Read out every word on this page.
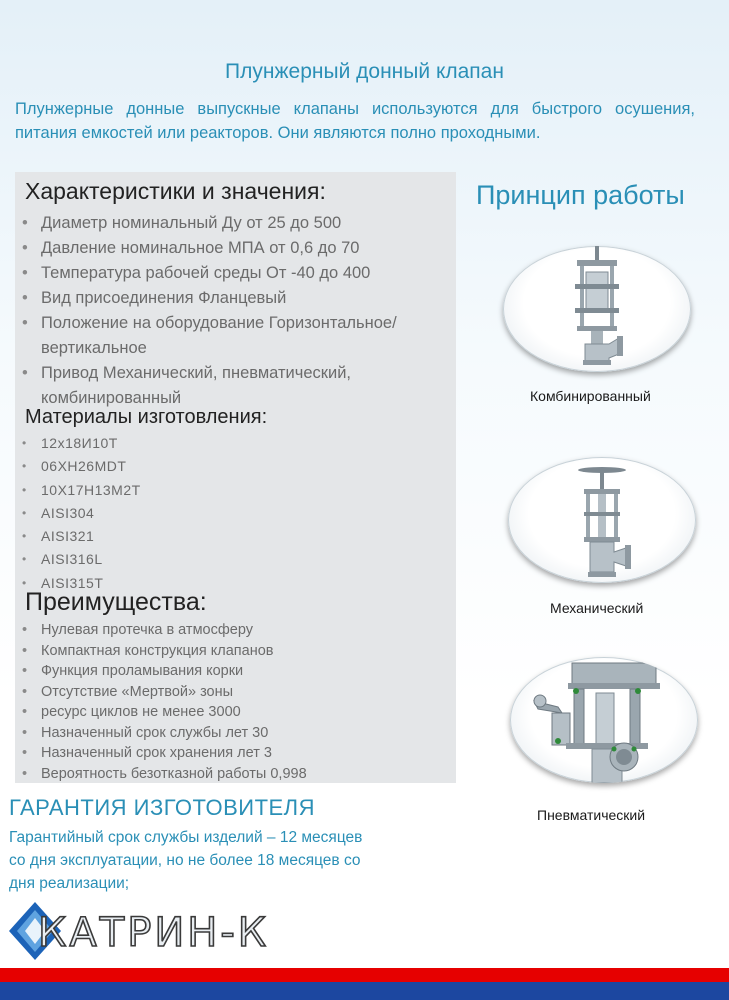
Плунжерный донный клапан

Плунжерные донные выпускные клапаны используются для быстрого осушения, питания емкостей или реакторов. Они являются полно проходными.

Характеристики и значения:
• Диаметр номинальный Ду от 25 до 500
• Давление номинальное МПА от 0,6 до 70
• Температура рабочей среды От -40 до 400
• Вид присоединения Фланцевый
• Положение на оборудование Горизонтальное/вертикальное
• Привод Механический, пневматический, комбинированный
Материалы изготовления:
• 12х18И10Т
• 06ХН26MDT
• 10Х17Н13М2Т
• AISI304
• AISI321
• AISI316L
• AISI315T
Преимущества:
• Нулевая протечка в атмосферу
• Компактная конструкция клапанов
• Функция проламывания корки
• Отсутствие «Мертвой» зоны
• ресурс циклов не менее 3000
• Назначенный срок службы лет 30
• Назначенный срок хранения лет 3
• Вероятность безотказной работы 0,998
ГАРАНТИЯ ИЗГОТОВИТЕЛЯ

Гарантийный срок службы изделий – 12 месяцев со дня эксплуатации, но не более 18 месяцев со дня реализации;

Принцип работы
Комбинированный
Механический
Пневматический
КАТРИН-К
